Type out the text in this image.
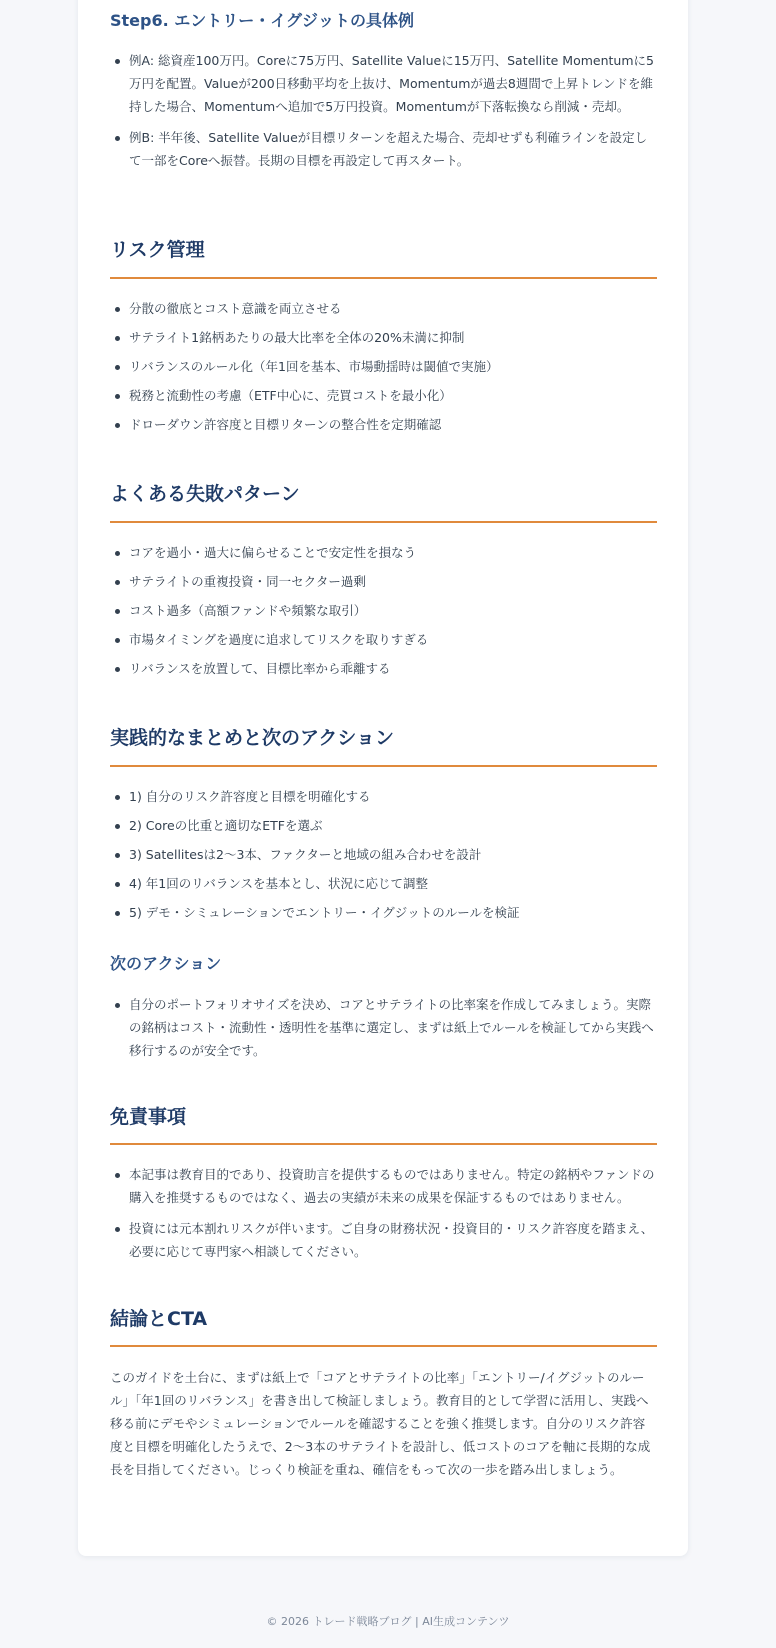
Step6. エントリー・イグジットの具体例
例A: 総資産100万円。Coreに75万円、Satellite Valueに15万円、Satellite Momentumに5万円を配置。Valueが200日移動平均を上抜け、Momentumが過去8週間で上昇トレンドを維持した場合、Momentumへ追加で5万円投資。Momentumが下落転換なら削減・売却。
例B: 半年後、Satellite Valueが目標リターンを超えた場合、売却せずも利確ラインを設定して一部をCoreへ振替。長期の目標を再設定して再スタート。
リスク管理
分散の徹底とコスト意識を両立させる
サテライト1銘柄あたりの最大比率を全体の20%未満に抑制
リバランスのルール化（年1回を基本、市場動揺時は閾値で実施）
税務と流動性の考慮（ETF中心に、売買コストを最小化）
ドローダウン許容度と目標リターンの整合性を定期確認
よくある失敗パターン
コアを過小・過大に偏らせることで安定性を損なう
サテライトの重複投資・同一セクター過剰
コスト過多（高額ファンドや頻繁な取引）
市場タイミングを過度に追求してリスクを取りすぎる
リバランスを放置して、目標比率から乖離する
実践的なまとめと次のアクション
1) 自分のリスク許容度と目標を明確化する
2) Coreの比重と適切なETFを選ぶ
3) Satellitesは2〜3本、ファクターと地域の組み合わせを設計
4) 年1回のリバランスを基本とし、状況に応じて調整
5) デモ・シミュレーションでエントリー・イグジットのルールを検証
次のアクション
自分のポートフォリオサイズを決め、コアとサテライトの比率案を作成してみましょう。実際の銘柄はコスト・流動性・透明性を基準に選定し、まずは紙上でルールを検証してから実践へ移行するのが安全です。
免責事項
本記事は教育目的であり、投資助言を提供するものではありません。特定の銘柄やファンドの購入を推奨するものではなく、過去の実績が未来の成果を保証するものではありません。
投資には元本割れリスクが伴います。ご自身の財務状況・投資目的・リスク許容度を踏まえ、必要に応じて専門家へ相談してください。
結論とCTA

このガイドを土台に、まずは紙上で「コアとサテライトの比率」「エントリー/イグジットのルール」「年1回のリバランス」を書き出して検証しましょう。教育目的として学習に活用し、実践へ移る前にデモやシミュレーションでルールを確認することを強く推奨します。自分のリスク許容度と目標を明確化したうえで、2〜3本のサテライトを設計し、低コストのコアを軸に長期的な成長を目指してください。じっくり検証を重ね、確信をもって次の一歩を踏み出しましょう。

© 2026 トレード戦略ブログ | AI生成コンテンツ
